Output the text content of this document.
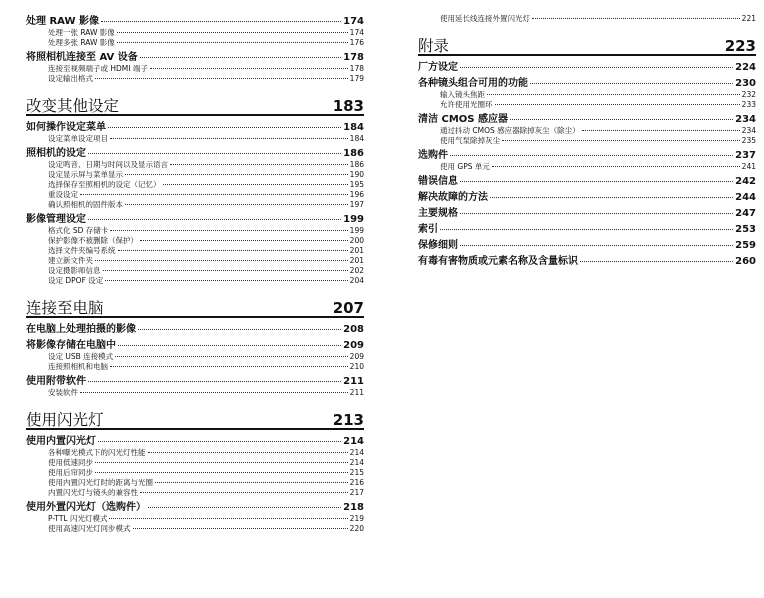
处理 RAW 影像	174
处理一张 RAW 影像	174
处理多张 RAW 影像	176
将照相机连接至 AV 设备	178
连接至视频端子或 HDMI 端子	178
设定输出格式	179
改变其他设定	183
如何操作设定菜单	184
设定菜单设定项目	184
照相机的设定	186
设定鸣音、日期与时间以及显示语言	186
设定显示屏与菜单显示	190
选择保存至照相机的设定（记忆）	195
重设设定	196
确认照相机的固件版本	197
影像管理设定	199
格式化 SD 存储卡	199
保护影像不被删除（保护）	200
选择文件夹编号系统	201
建立新文件夹	201
设定摄影师信息	202
设定 DPOF 设定	204
连接至电脑	207
在电脑上处理拍摄的影像	208
将影像存储在电脑中	209
设定 USB 连接模式	209
连接照相机和电脑	210
使用附带软件	211
安装软件	211
使用闪光灯	213
使用内置闪光灯	214
各种曝光模式下的闪光灯性能	214
使用低速同步	214
使用后帘同步	215
使用内置闪光灯时的距离与光圈	216
内置闪光灯与镜头的兼容性	217
使用外置闪光灯（选购件）	218
P-TTL 闪光灯模式	219
使用高速闪光灯同步模式	220
使用延长线连接外置闪光灯	221
附录	223
厂方设定	224
各种镜头组合可用的功能	230
输入镜头焦距	232
允许使用光圈环	233
清洁 CMOS 感应器	234
通过抖动 CMOS 感应器除掉灰尘（除尘）	234
使用气泵除掉灰尘	235
选购件	237
使用 GPS 单元	241
错误信息	242
解决故障的方法	244
主要规格	247
索引	253
保修细则	259
有毒有害物质或元素名称及含量标识	260
